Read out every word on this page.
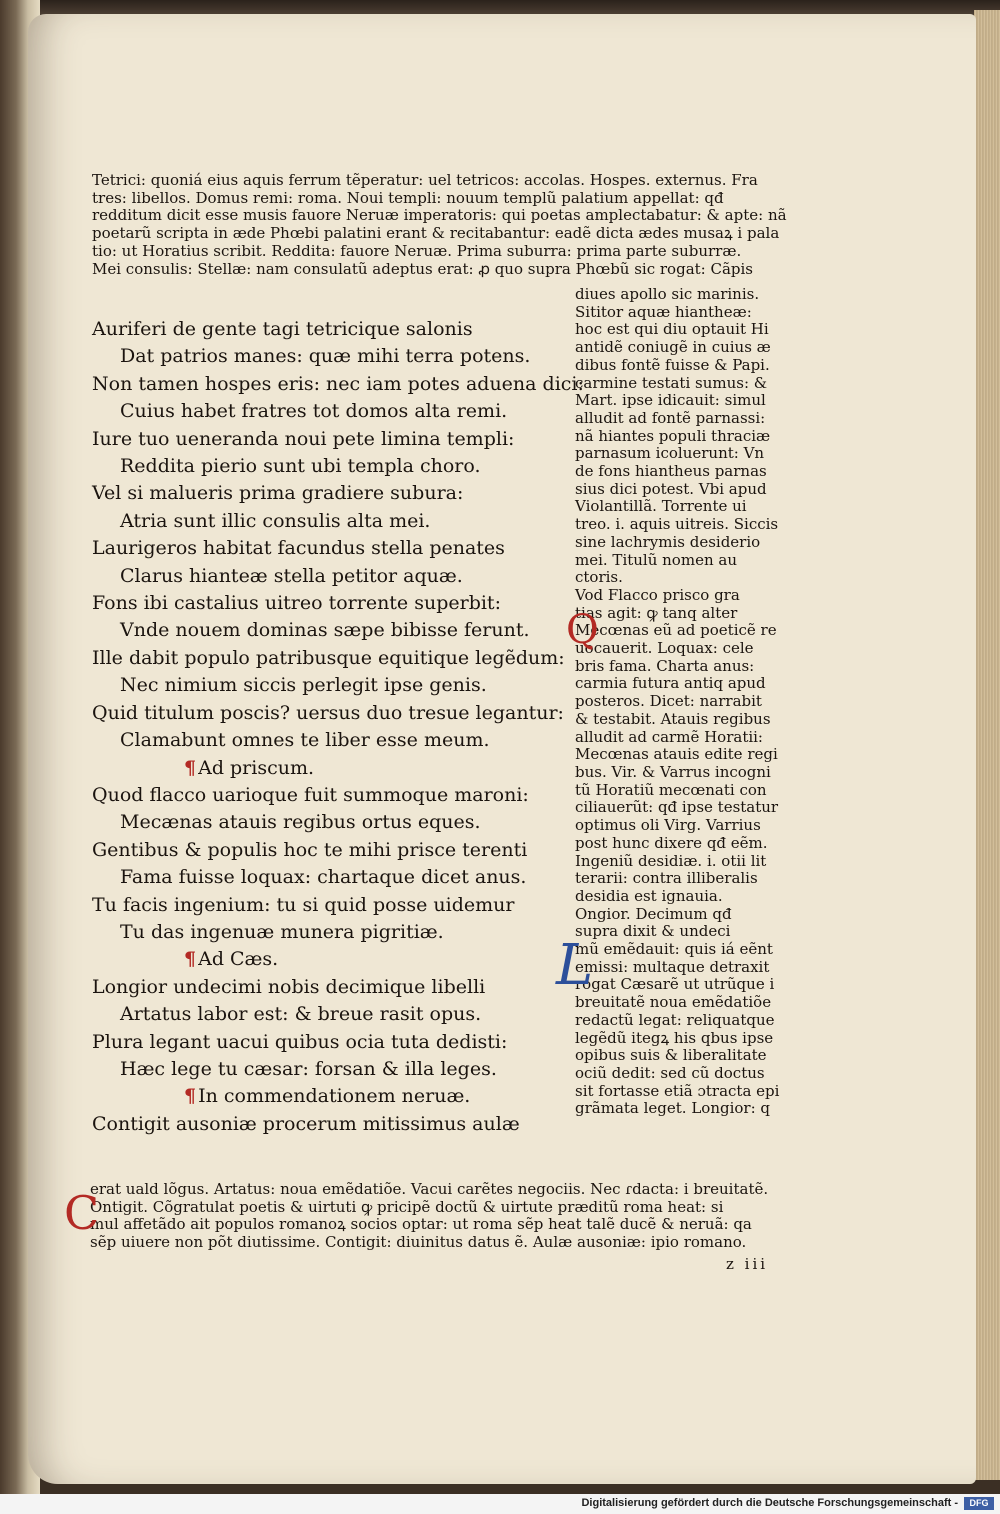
Tetrici: quoniá eius aquis ferrum tẽperatur: uel tetricos: accolas. Hospes. externus. Fra
tres: libellos. Domus remi: roma. Noui templi: nouum templũ palatium appellat: qđ
redditum dicit esse musis fauore Neruæ imperatoris: qui poetas amplectabatur: & apte: nã
poetarũ scripta in æde Phœbi palatini erant & recitabantur: eadẽ dicta ædes musaꝝ i pala
tio: ut Horatius scribit. Reddita: fauore Neruæ. Prima suburra: prima parte suburræ.
Mei consulis: Stellæ: nam consulatũ adeptus erat: ꝓ quo supra Phœbũ sic rogat: Cãpis
diues apollo sic marinis.
Sititor aquæ hiantheæ:
hoc est qui diu optauit Hi
antidẽ coniugẽ in cuius æ
dibus fontẽ fuisse & Papi.
carmine testati sumus: &
Mart. ipse idicauit: simul
alludit ad fontẽ parnassi:
nã hiantes populi thraciæ
parnasum icoluerunt: Vn
de fons hiantheus parnas
sius dici potest. Vbi apud
Violantillã. Torrente ui
treo. i. aquis uitreis. Siccis
sine lachrymis desiderio
mei. Titulũ nomen au
ctoris.
Vod Flacco prisco gra
tias agit: ꝙ tanq alter
Mecœnas eũ ad poeticẽ re
uocauerit. Loquax: cele
bris fama. Charta anus:
carmia futura antiq apud
posteros. Dicet: narrabit
& testabit. Atauis regibus
alludit ad carmẽ Horatii:
Mecœnas atauis edite regi
bus. Vir. & Varrus incogni
tũ Horatiũ mecœnati con
ciliauerũt: qđ ipse testatur
optimus oli Virg. Varrius
post hunc dixere qđ eẽm.
Ingeniũ desidiæ. i. otii lit
terarii: contra illiberalis
desidia est ignauia.
Ongior. Decimum qđ
supra dixit & undeci
mũ emẽdauit: quis iá eẽnt
emissi: multaque detraxit
rogat Cæsarẽ ut utrũque i
breuitatẽ noua emẽdatiõe
redactũ legat: reliquatque
legẽdũ itegꝝ his qbus ipse
opibus suis & liberalitate
ociũ dedit: sed cũ doctus
sit fortasse etiã ɔtracta epi
grãmata leget. Longior: q
Auriferi de gente tagi tetricique salonis
Dat patrios manes: quæ mihi terra potens.
Non tamen hospes eris: nec iam potes aduena dici:
Cuius habet fratres tot domos alta remi.
Iure tuo ueneranda noui pete limina templi:
Reddita pierio sunt ubi templa choro.
Vel si malueris prima gradiere subura:
Atria sunt illic consulis alta mei.
Laurigeros habitat facundus stella penates
Clarus hianteæ stella petitor aquæ.
Fons ibi castalius uitreo torrente superbit:
Vnde nouem dominas sæpe bibisse ferunt.
Ille dabit populo patribusque equitique legẽdum:
Nec nimium siccis perlegit ipse genis.
Quid titulum poscis? uersus duo tresue legantur:
Clamabunt omnes te liber esse meum.
¶ Ad priscum.
Quod flacco uarioque fuit summoque maroni:
Mecænas atauis regibus ortus eques.
Gentibus & populis hoc te mihi prisce terenti
Fama fuisse loquax: chartaque dicet anus.
Tu facis ingenium: tu si quid posse uidemur
Tu das ingenuæ munera pigritiæ.
¶ Ad Cæs.
Longior undecimi nobis decimique libelli
Artatus labor est: & breue rasit opus.
Plura legant uacui quibus ocia tuta dedisti:
Hæc lege tu cæsar: forsan & illa leges.
¶ In commendationem neruæ.
Contigit ausoniæ procerum mitissimus aulæ
erat uald lõgus. Artatus: noua emẽdatiõe. Vacui carẽtes negociis. Nec ɾdacta: i breuitatẽ.
Ontigit. Cõgratulat poetis & uirtuti ꝙ pricipẽ doctũ & uirtute præditũ roma heat: si
mul affetãdo ait populos romanoꝝ socios optar: ut roma sẽp heat talẽ ducẽ & neruã: qa
sẽp uiuere non põt diutissime. Contigit: diuinitus datus ẽ. Aulæ ausoniæ: ipio romano.
Q
L
C
z iii
Digitalisierung gefördert durch die Deutsche Forschungsgemeinschaft -	DFG
